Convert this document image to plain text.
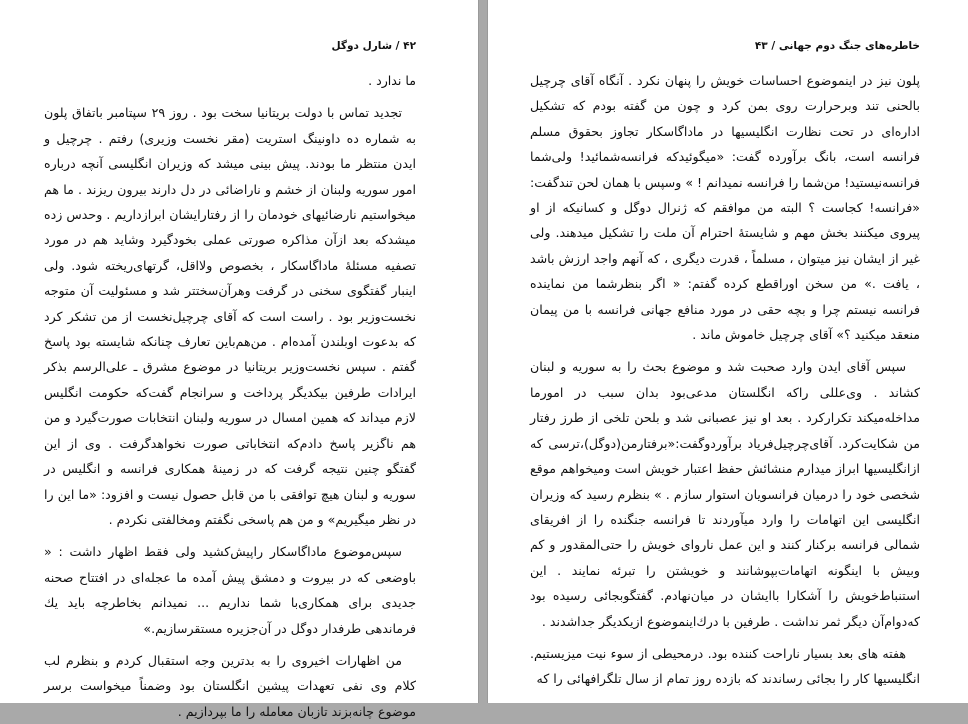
۴۲ / شارل دوگل

ما ندارد .

تجدید تماس با دولت بریتانیا سخت بود . روز ۲۹ سپتامبر باتفاق پلون به شماره ده داونینگ استریت (مقر نخست وزیری) رفتم . چرچیل و ایدن منتظر ما بودند. پیش بینی میشد که وزیران انگلیسی آنچه درباره امور سوریه ولبنان از خشم و ناراضائی در دل دارند بیرون ریزند . ما هم میخواستیم نارضائیهای خودمان را از رفتارایشان ابرازداریم . وحدس زده میشدکه بعد ازآن مذاکره صورتی عملی بخودگیرد وشاید هم در مورد تصفیه مسئلهٔ ماداگاسکار ، بخصوص ولااقل، گرتهای‌ریخته شود. ولی اینبار گفتگوی سخنی در گرفت وهرآن‌سختتر شد و مسئولیت آن متوجه نخست‌وزیر بود . راست است که آقای چرچیل‌نخست از من تشکر کرد که بدعوت اوبلندن آمده‌ام . من‌هم‌باین تعارف چنانکه شایسته بود پاسخ گفتم . سپس نخست‌وزیر بریتانیا در موضوع مشرق ـ علی‌الرسم بذکر ایرادات طرفین بیکدیگر پرداخت و سرانجام گفت‌که حکومت انگلیس لازم میداند که همین امسال در سوریه ولبنان انتخابات صورت‌گیرد و من هم ناگزیر پاسخ دادم‌که انتخاباتی صورت نخواهدگرفت . وی از این گفتگو چنین نتیجه گرفت که در زمینهٔ همکاری فرانسه و انگلیس در سوریه و لبنان هیچ توافقی با من قابل حصول نیست و افزود: «ما این را در نظر میگیریم» و من هم پاسخی نگفتم ومخالفتی نکردم .

سپس‌موضوع ماداگاسکار راپیش‌کشید ولی فقط اظهار داشت : « باوضعی که در بیروت و دمشق پیش آمده ما عجله‌ای در افتتاح صحنه جدیدی برای همکاری‌با شما نداریم ... نمیدانم بخاطرچه باید یك فرماندهی طرفدار دوگل در آن‌جزیره مستقرسازیم.»

من اظهارات اخیروی را به بدترین وجه استقبال کردم و بنظرم لب کلام وی نفی تعهدات پیشین انگلستان بود وضمناً میخواست برسر موضوع چانه‌بزند تاز‌بان معامله را ما بپردازیم .

خاطره‌های جنگ دوم جهانی / ۴۳

پلون نیز در اینموضوع احساسات خویش را پنهان نکرد . آنگاه آقای چرچیل بالحنی تند وبرحرارت روی بمن کرد و چون من گفته بودم که تشکیل اداره‌ای در تحت نظارت انگلیسیها در ماداگاسکار تجاوز بحقوق مسلم فرانسه است، بانگ برآورده گفت: «میگوئیدکه فرانسه‌شمائید! ولی‌شما فرانسه‌نیستید! من‌شما را فرانسه نمیدانم ! » وسپس با همان لحن تندگفت: «فرانسه! کجاست ؟ البته من موافقم که ژنرال دوگل و کسانیکه از او پیروی میکنند بخش مهم و شایستهٔ احترام آن ملت را تشکیل میدهند. ولی غیر از ایشان نیز میتوان ، مسلماً ، قدرت دیگری ، که آنهم واجد ارزش باشد ، یافت .» من سخن اوراقطع کرده گفتم: « اگر بنظرشما من نماینده فرانسه نیستم چرا و بچه حقی در مورد منافع جهانی فرانسه با من پیمان منعقد میکنید ؟» آقای چرچیل خاموش ماند .

سپس آقای ایدن وارد صحبت شد و موضوع بحث را به سوریه و لبنان کشاند . وی‌عللی راکه انگلستان مدعی‌بود بدان سبب در امورما مداخله‌میکند تکرارکرد . بعد او نیز عصبانی شد و بلحن تلخی از طرز رفتار من شکایت‌کرد. آقای‌چرچیل‌فریاد برآوردوگفت:«برفتارمن(دوگل)،ترسی که ازانگلیسیها ابراز میدارم منشائش حفظ اعتبار خویش است ومیخواهم موقع شخصی خود را درمیان فرانسویان استوار سازم . » بنظرم رسید که وزیران انگلیسی این اتهامات را وارد میآوردند تا فرانسه جنگنده را از افریقای شمالی فرانسه برکنار کنند و این عمل ناروای خویش را حتی‌المقدور و کم وبیش با اینگونه اتهامات‌بپوشانند و خویشتن را تبرئه نمایند . این استنباط‌خویش را آشکارا باایشان در میان‌نهادم. گفتگوبجائی رسیده بود که‌دوام‌آن دیگر ثمر نداشت . طرفین با درك‌اینموضوع ازیکدیگر جداشدند .

هفته های بعد بسیار ناراحت کننده بود. درمحیطی از سوء نیت میزیستیم. انگلیسیها کار را بجائی رساندند که بازده روز تمام از سال تلگرافهائی را که
